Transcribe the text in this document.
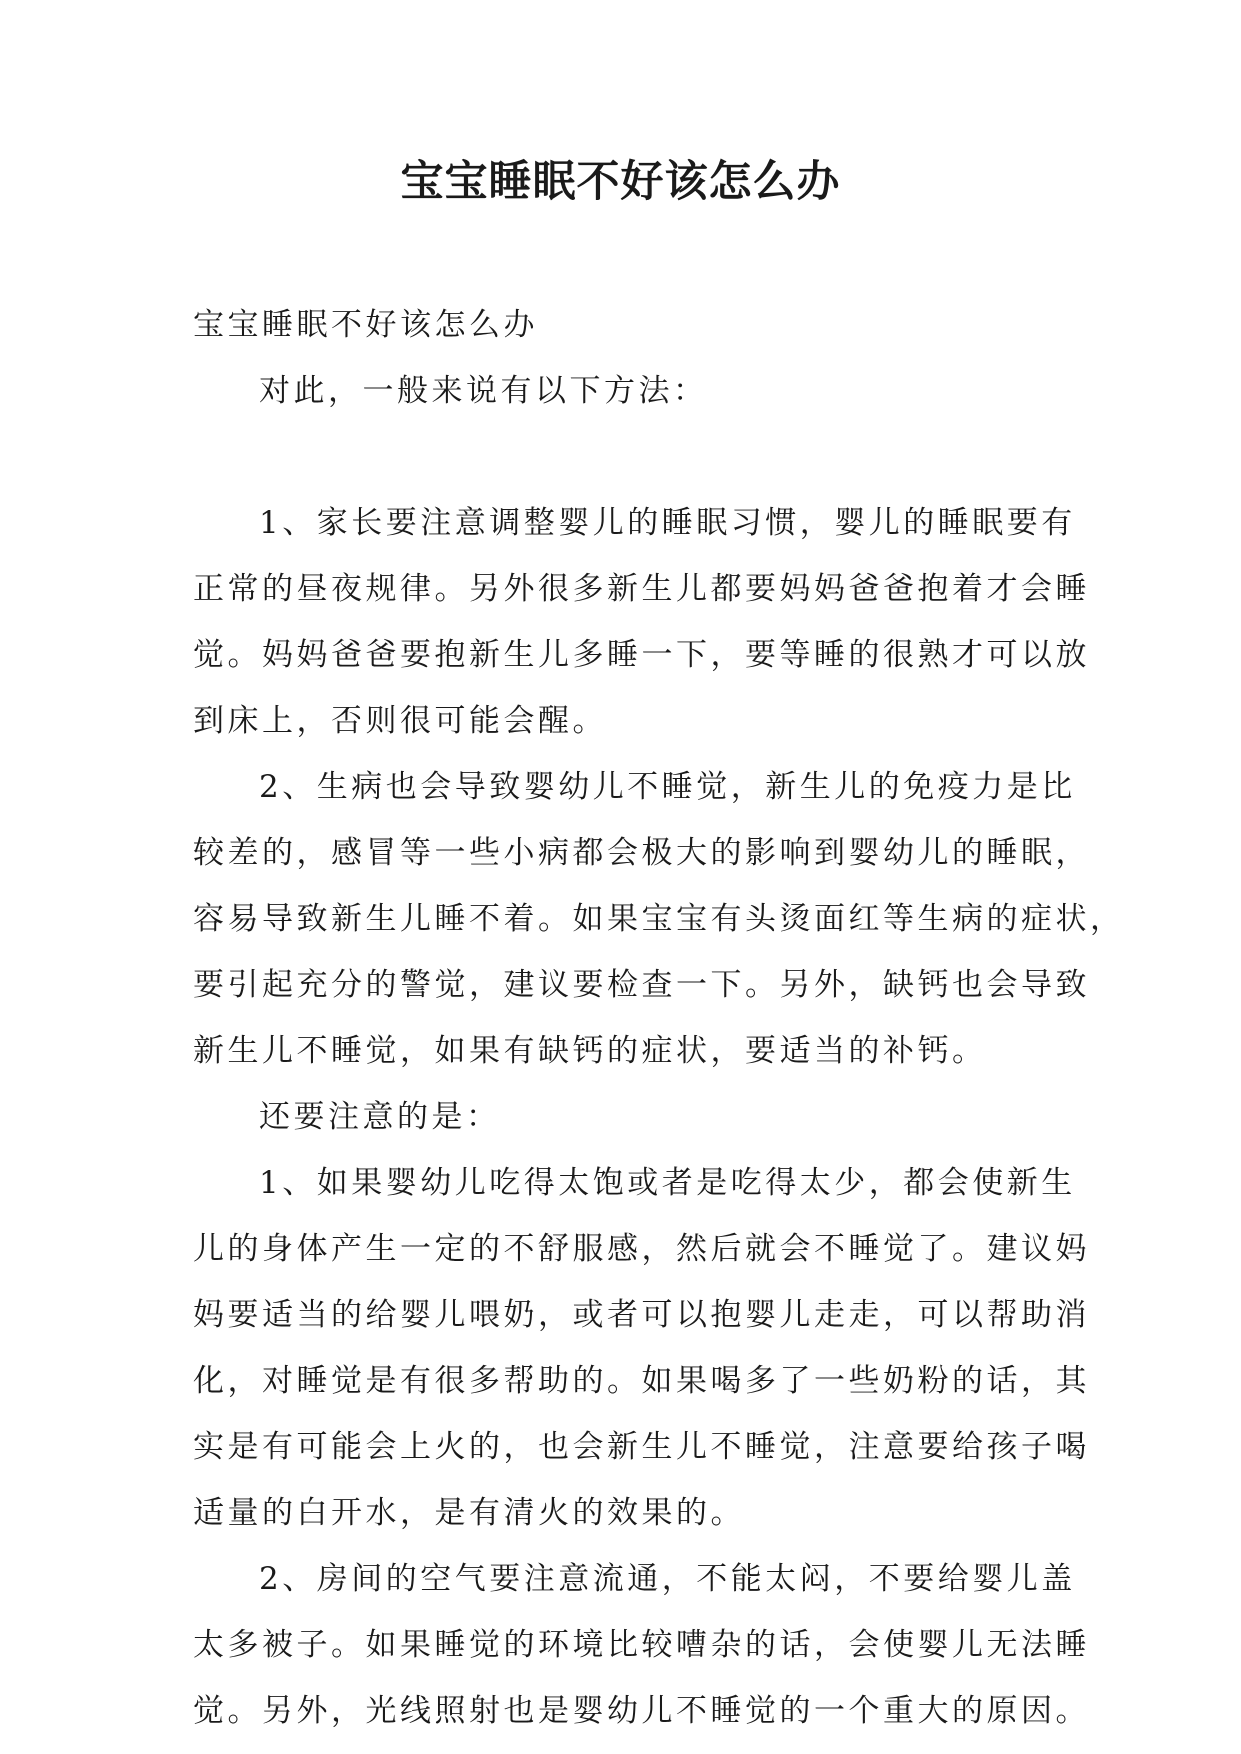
宝宝睡眠不好该怎么办

宝宝睡眠不好该怎么办

对此，一般来说有以下方法：

1、家长要注意调整婴儿的睡眠习惯，婴儿的睡眠要有

正常的昼夜规律。另外很多新生儿都要妈妈爸爸抱着才会睡

觉。妈妈爸爸要抱新生儿多睡一下，要等睡的很熟才可以放

到床上，否则很可能会醒。

2、生病也会导致婴幼儿不睡觉，新生儿的免疫力是比

较差的，感冒等一些小病都会极大的影响到婴幼儿的睡眠，

容易导致新生儿睡不着。如果宝宝有头烫面红等生病的症状，

要引起充分的警觉，建议要检查一下。另外，缺钙也会导致

新生儿不睡觉，如果有缺钙的症状，要适当的补钙。

还要注意的是：

1、如果婴幼儿吃得太饱或者是吃得太少，都会使新生

儿的身体产生一定的不舒服感，然后就会不睡觉了。建议妈

妈要适当的给婴儿喂奶，或者可以抱婴儿走走，可以帮助消

化，对睡觉是有很多帮助的。如果喝多了一些奶粉的话，其

实是有可能会上火的，也会新生儿不睡觉，注意要给孩子喝

适量的白开水，是有清火的效果的。

2、房间的空气要注意流通，不能太闷，不要给婴儿盖

太多被子。如果睡觉的环境比较嘈杂的话，会使婴儿无法睡

觉。另外，光线照射也是婴幼儿不睡觉的一个重大的原因。
